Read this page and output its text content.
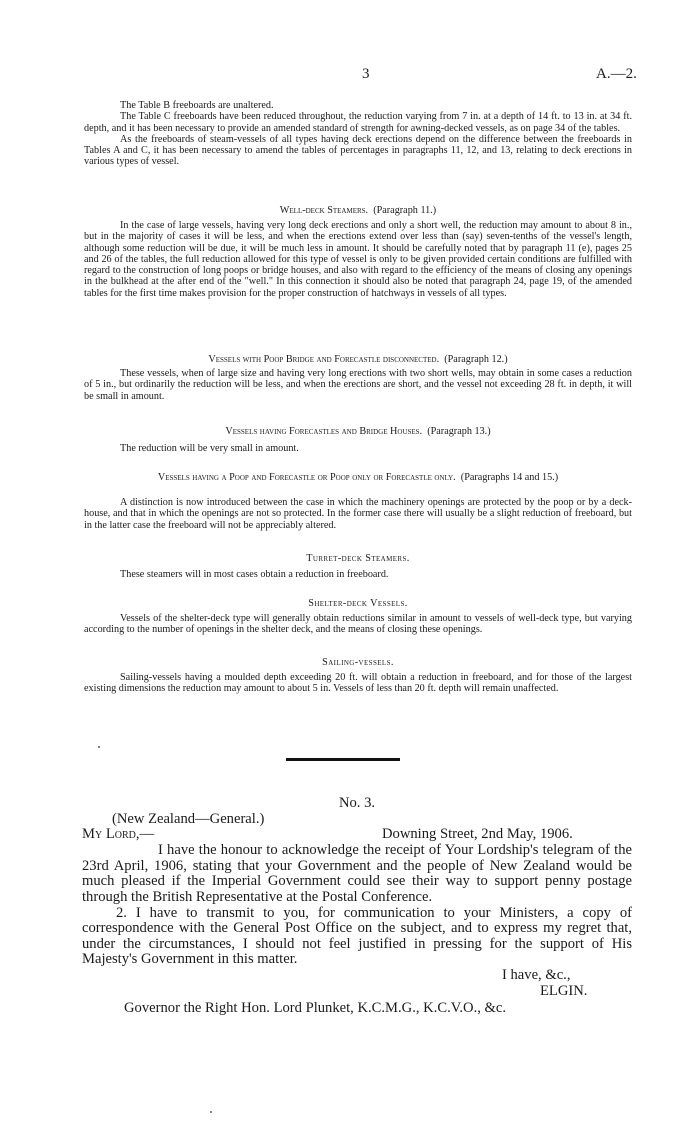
3	A.—2.

The Table B freeboards are unaltered.

The Table C freeboards have been reduced throughout, the reduction varying from 7 in. at a depth of 14 ft. to 13 in. at 34 ft. depth, and it has been necessary to provide an amended standard of strength for awning-decked vessels, as on page 34 of the tables.

As the freeboards of steam-vessels of all types having deck erections depend on the difference between the freeboards in Tables A and C, it has been necessary to amend the tables of percentages in paragraphs 11, 12, and 13, relating to deck erections in various types of vessel.

Well-deck Steamers. (Paragraph 11.)

In the case of large vessels, having very long deck erections and only a short well, the reduction may amount to about 8 in., but in the majority of cases it will be less, and when the erections extend over less than (say) seven-tenths of the vessel's length, although some reduction will be due, it will be much less in amount. It should be carefully noted that by paragraph 11 (e), pages 25 and 26 of the tables, the full reduction allowed for this type of vessel is only to be given provided certain conditions are fulfilled with regard to the construction of long poops or bridge houses, and also with regard to the efficiency of the means of closing any openings in the bulkhead at the after end of the "well." In this connection it should also be noted that paragraph 24, page 19, of the amended tables for the first time makes provision for the proper construction of hatchways in vessels of all types.

Vessels with Poop Bridge and Forecastle disconnected. (Paragraph 12.)

These vessels, when of large size and having very long erections with two short wells, may obtain in some cases a reduction of 5 in., but ordinarily the reduction will be less, and when the erections are short, and the vessel not exceeding 28 ft. in depth, it will be small in amount.

Vessels having Forecastles and Bridge Houses. (Paragraph 13.)

The reduction will be very small in amount.

Vessels having a Poop and Forecastle or Poop only or Forecastle only. (Paragraphs 14 and 15.)

A distinction is now introduced between the case in which the machinery openings are protected by the poop or by a deck-house, and that in which the openings are not so protected. In the former case there will usually be a slight reduction of freeboard, but in the latter case the freeboard will not be appreciably altered.

Turret-deck Steamers.

These steamers will in most cases obtain a reduction in freeboard.

Shelter-deck Vessels.

Vessels of the shelter-deck type will generally obtain reductions similar in amount to vessels of well-deck type, but varying according to the number of openings in the shelter deck, and the means of closing these openings.

Sailing-vessels.

Sailing-vessels having a moulded depth exceeding 20 ft. will obtain a reduction in freeboard, and for those of the largest existing dimensions the reduction may amount to about 5 in. Vessels of less than 20 ft. depth will remain unaffected.

No. 3.
(New Zealand—General.)
My Lord,—	Downing Street, 2nd May, 1906.

I have the honour to acknowledge the receipt of Your Lordship's telegram of the 23rd April, 1906, stating that your Government and the people of New Zealand would be much pleased if the Imperial Government could see their way to support penny postage through the British Representative at the Postal Conference.

2. I have to transmit to you, for communication to your Ministers, a copy of correspondence with the General Post Office on the subject, and to express my regret that, under the circumstances, I should not feel justified in pressing for the support of His Majesty's Government in this matter.

I have, &c.,
ELGIN.
Governor the Right Hon. Lord Plunket, K.C.M.G., K.C.V.O., &c.
